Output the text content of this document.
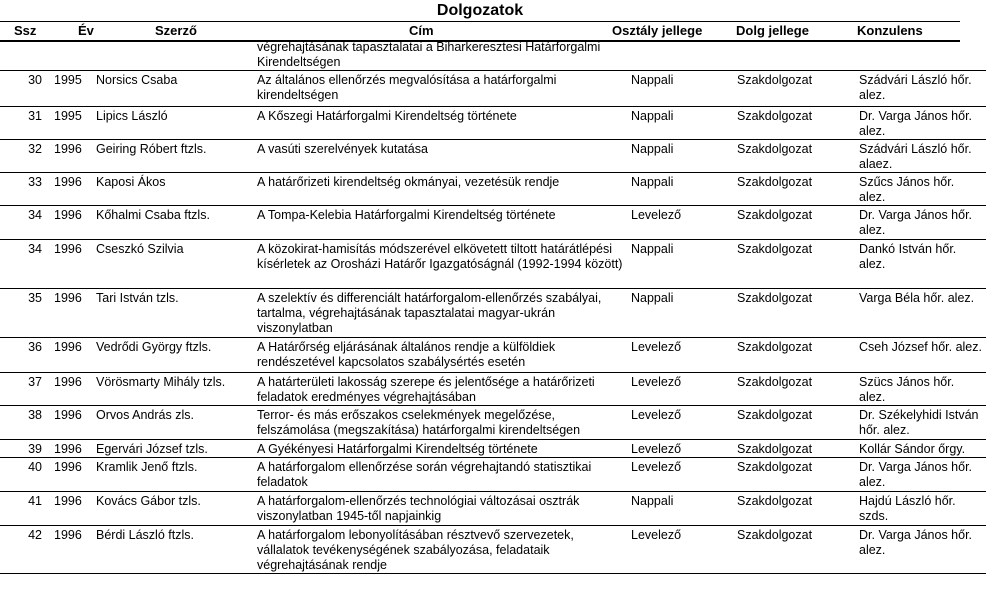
Dolgozatok
Ssz	Év	Szerző	Cím	Osztály jellege	Dolg jellege	Konzulens
			végrehajtásának tapasztalatai a Biharkeresztesi Határforgalmi Kirendeltségen			
30	1995	Norsics Csaba	Az általános ellenőrzés megvalósítása a határforgalmi kirendeltségen	Nappali	Szakdolgozat	Szádvári László hőr. alez.
31	1995	Lipics László	A Kőszegi Határforgalmi Kirendeltség története	Nappali	Szakdolgozat	Dr. Varga János hőr. alez.
32	1996	Geiring Róbert ftzls.	A vasúti szerelvények kutatása	Nappali	Szakdolgozat	Szádvári László hőr. alaez.
33	1996	Kaposi Ákos	A határőrizeti kirendeltség okmányai, vezetésük rendje	Nappali	Szakdolgozat	Szűcs János hőr. alez.
34	1996	Kőhalmi Csaba ftzls.	A Tompa-Kelebia Határforgalmi Kirendeltség története	Levelező	Szakdolgozat	Dr. Varga János hőr. alez.
34	1996	Cseszkó Szilvia	A közokirat-hamisítás módszerével elkövetett tiltott határátlépési kísérletek az Orosházi Határőr Igazgatóságnál (1992-1994 között)	Nappali	Szakdolgozat	Dankó István hőr. alez.
35	1996	Tari István tzls.	A szelektív és differenciált határforgalom-ellenőrzés szabályai, tartalma, végrehajtásának tapasztalatai magyar-ukrán viszonylatban	Nappali	Szakdolgozat	Varga Béla hőr. alez.
36	1996	Vedrődi György ftzls.	A Határőrség eljárásának általános rendje a külföldiek rendészetével kapcsolatos szabálysértés esetén	Levelező	Szakdolgozat	Cseh József hőr. alez.
37	1996	Vörösmarty Mihály tzls.	A határterületi lakosság szerepe és jelentősége a határőrizeti feladatok eredményes végrehajtásában	Levelező	Szakdolgozat	Szücs János hőr. alez.
38	1996	Orvos András zls.	Terror- és más erőszakos cselekmények megelőzése, felszámolása (megszakítása) határforgalmi kirendeltségen	Levelező	Szakdolgozat	Dr. Székelyhidi István hőr. alez.
39	1996	Egervári József tzls.	A Gyékényesi Határforgalmi Kirendeltség története	Levelező	Szakdolgozat	Kollár Sándor őrgy.
40	1996	Kramlik Jenő ftzls.	A határforgalom ellenőrzése során végrehajtandó statisztikai feladatok	Levelező	Szakdolgozat	Dr. Varga János hőr. alez.
41	1996	Kovács Gábor tzls.	A határforgalom-ellenőrzés technológiai változásai osztrák viszonylatban 1945-től napjainkig	Nappali	Szakdolgozat	Hajdú László hőr. szds.
42	1996	Bérdi László ftzls.	A határforgalom lebonyolításában résztvevő szervezetek, vállalatok tevékenységének szabályozása, feladataik végrehajtásának rendje	Levelező	Szakdolgozat	Dr. Varga János hőr. alez.
